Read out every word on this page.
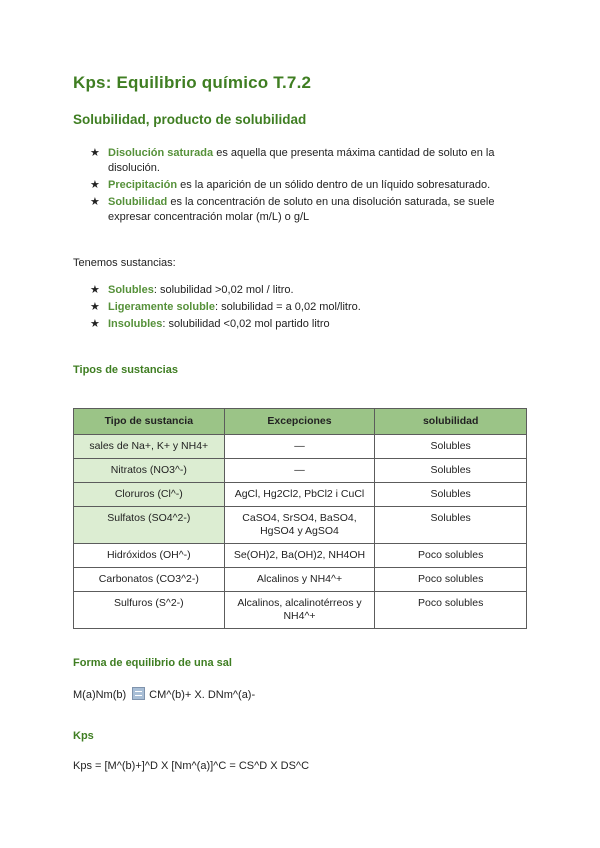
Kps: Equilibrio químico T.7.2
Solubilidad, producto de solubilidad
★ Disolución saturada es aquella que presenta máxima cantidad de soluto en la disolución.
★ Precipitación es la aparición de un sólido dentro de un líquido sobresaturado.
★ Solubilidad es la concentración de soluto en una disolución saturada, se suele expresar concentración molar (m/L) o g/L
Tenemos sustancias:
★ Solubles: solubilidad >0,02 mol / litro.
★ Ligeramente soluble: solubilidad = a 0,02 mol/litro.
★ Insolubles: solubilidad <0,02 mol partido litro
Tipos de sustancias
Tipo de sustancia	Excepciones	solubilidad
sales de Na+, K+ y NH4+	—	Solubles
Nitratos (NO3^-)	—	Solubles
Cloruros (Cl^-)	AgCl, Hg2Cl2, PbCl2 i CuCl	Solubles
Sulfatos (SO4^2-)	CaSO4, SrSO4, BaSO4, HgSO4 y AgSO4	Solubles
Hidróxidos (OH^-)	Se(OH)2, Ba(OH)2, NH4OH	Poco solubles
Carbonatos (CO3^2-)	Alcalinos y NH4^+	Poco solubles
Sulfuros (S^2-)	Alcalinos, alcalinotérreos y NH4^+	Poco solubles
Forma de equilibrio de una sal
M(a)Nm(b) CM^(b)+ X. DNm^(a)-
Kps
Kps = [M^(b)+]^D X [Nm^(a)]^C = CS^D X DS^C
